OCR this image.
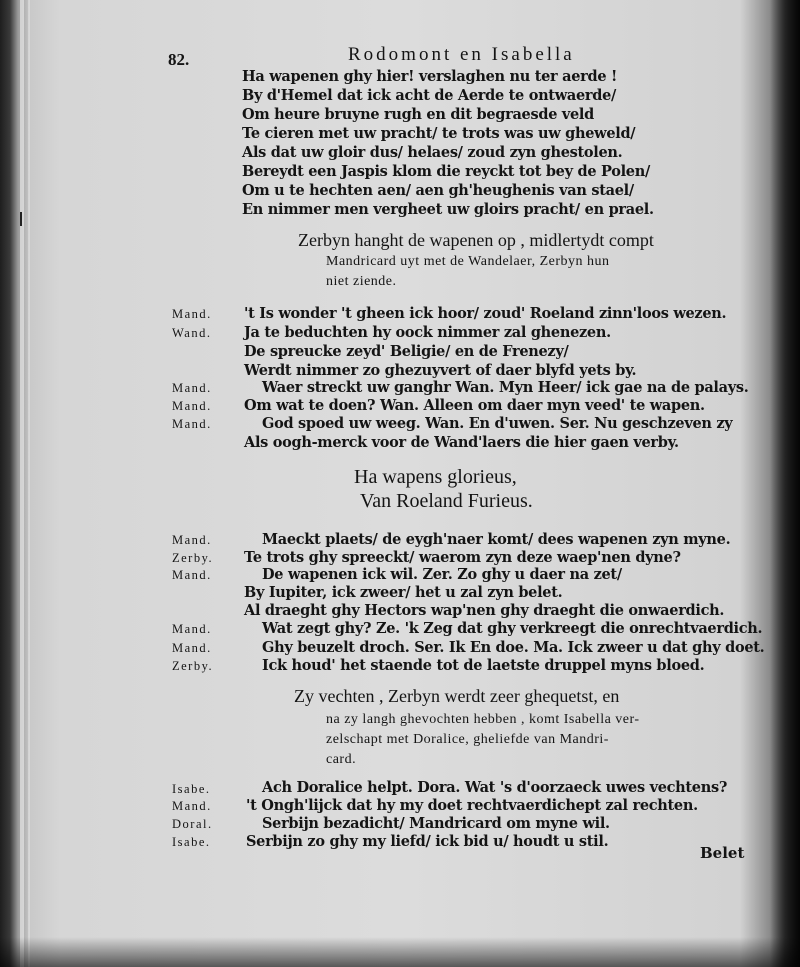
82.	Rodomont en Isabella
Ha wapenen ghy hier! verslaghen nu ter aerde !
By d'Hemel dat ick acht de Aerde te ontwaerde/
Om heure bruyne rugh en dit begraesde veld
Te cieren met uw pracht/ te trots was uw gheweld/
Als dat uw gloir dus/ helaes/ zoud zyn ghestolen.
Bereydt een Jaspis klom die reyckt tot bey de Polen/
Om u te hechten aen/ aen gh'heughenis van stael/
En nimmer men vergheet uw gloirs pracht/ en prael.
Zerbyn hanght de wapenen op , midlertydt compt
Mandricard uyt met de Wandelaer, Zerbyn hun
niet ziende.
Mand. 't Is wonder 't gheen ick hoor/ zoud' Roeland zinn'loos wezen.
Wand. Ja te beduchten hy oock nimmer zal ghenezen.
De spreucke zeyd' Beligie/ en de Frenezy/
Werdt nimmer zo ghezuyvert of daer blyfd yets by.
Mand.	Waer streckt uw ganghr Wan. Myn Heer/ ick gae na de palays.
Mand. Om wat te doen? Wan. Alleen om daer myn veed' te wapen.
Mand.	God spoed uw weeg. Wan. En d'uwen. Ser. Nu geschzeven zy
Als oogh-merck voor de Wand'laers die hier gaen verby.
Ha wapens glorieus,
Van Roeland Furieus.
Mand.	Maeckt plaets/ de eygh'naer komt/ dees wapenen zyn myne.
Zerby. Te trots ghy spreeckt/ waerom zyn deze waep'nen dyne?
Mand.	De wapenen ick wil. Zer. Zo ghy u daer na zet/
By Iupiter, ick zweer/ het u zal zyn belet.
Al draeght ghy Hectors wap'nen ghy draeght die onwaerdich.
Mand.	Wat zegt ghy? Ze. 'k Zeg dat ghy verkreegt die onrechtvaerdich.
Mand.	Ghy beuzelt droch. Ser. Ik En doe. Ma. Ick zweer u dat ghy doet.
Zerby.	Ick houd' het staende tot de laetste druppel myns bloed.
Zy vechten , Zerbyn werdt zeer ghequetst, en
na zy langh ghevochten hebben , komt Isabella ver-
zelschapt met Doralice, gheliefde van Mandri-
card.
Isabe.	Ach Doralice helpt. Dora. Wat 's d'oorzaeck uwes vechtens?
Mand. 't Ongh'lijck dat hy my doet rechtvaerdichept zal rechten.
Doral.	Serbijn bezadicht/ Mandricard om myne wil.
Isabe. Serbijn zo ghy my liefd/ ick bid u/ houdt u stil.
Belet
